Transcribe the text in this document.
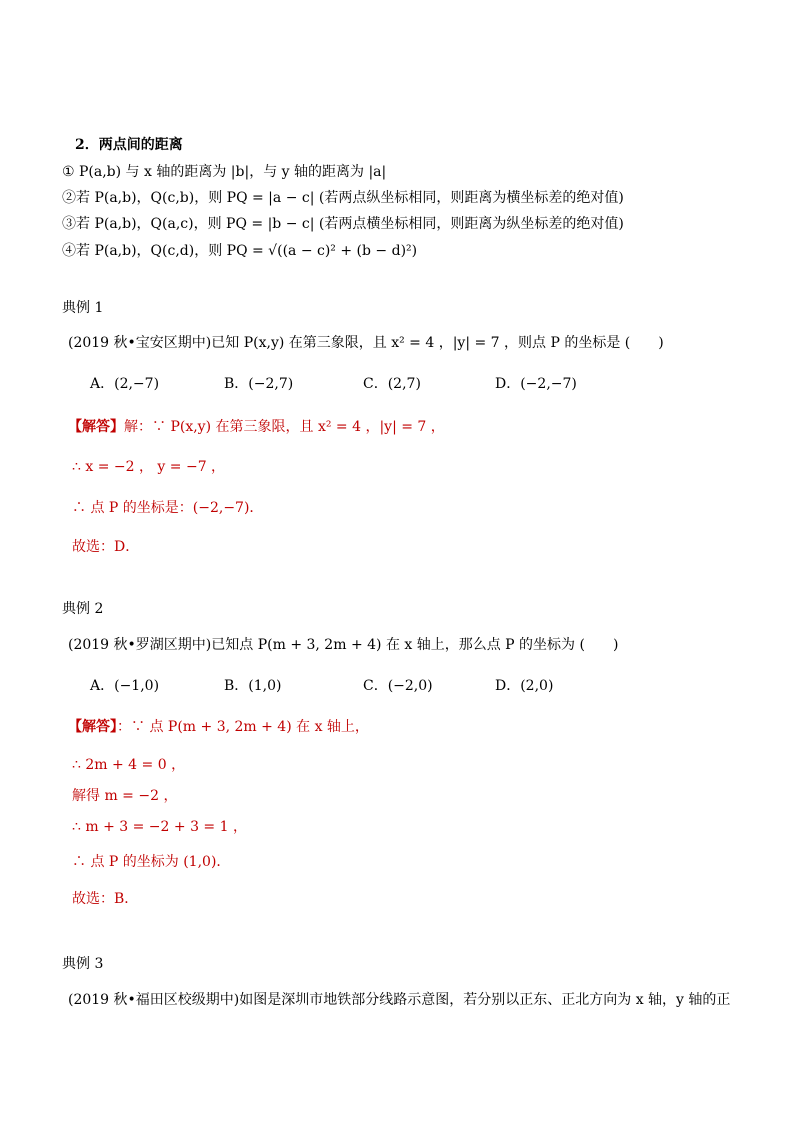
2．两点间的距离
① P(a,b) 与 x 轴的距离为 |b|，与 y 轴的距离为 |a|
②若 P(a,b)，Q(c,b)，则 PQ = |a − c| (若两点纵坐标相同，则距离为横坐标差的绝对值)
③若 P(a,b)，Q(a,c)，则 PQ = |b − c| (若两点横坐标相同，则距离为纵坐标差的绝对值)
④若 P(a,b)，Q(c,d)，则 PQ = √((a − c)² + (b − d)²)
典例 1
(2019 秋•宝安区期中)已知 P(x,y) 在第三象限，且 x² = 4 ，|y| = 7 ，则点 P 的坐标是 (　　)
A．(2,−7)	B．(−2,7)	C．(2,7)	D．(−2,−7)
【解答】解：∵ P(x,y) 在第三象限，且 x² = 4 ，|y| = 7 ，
∴ x = −2 ， y = −7 ，
∴ 点 P 的坐标是：(−2,−7)．
故选：D．
典例 2
(2019 秋•罗湖区期中)已知点 P(m + 3, 2m + 4) 在 x 轴上，那么点 P 的坐标为 (　　)
A．(−1,0)	B．(1,0)	C．(−2,0)	D．(2,0)
【解答】：∵ 点 P(m + 3, 2m + 4) 在 x 轴上，
∴ 2m + 4 = 0 ，
解得 m = −2 ，
∴ m + 3 = −2 + 3 = 1 ，
∴ 点 P 的坐标为 (1,0)．
故选：B．
典例 3
(2019 秋•福田区校级期中)如图是深圳市地铁部分线路示意图，若分别以正东、正北方向为 x 轴，y 轴的正
